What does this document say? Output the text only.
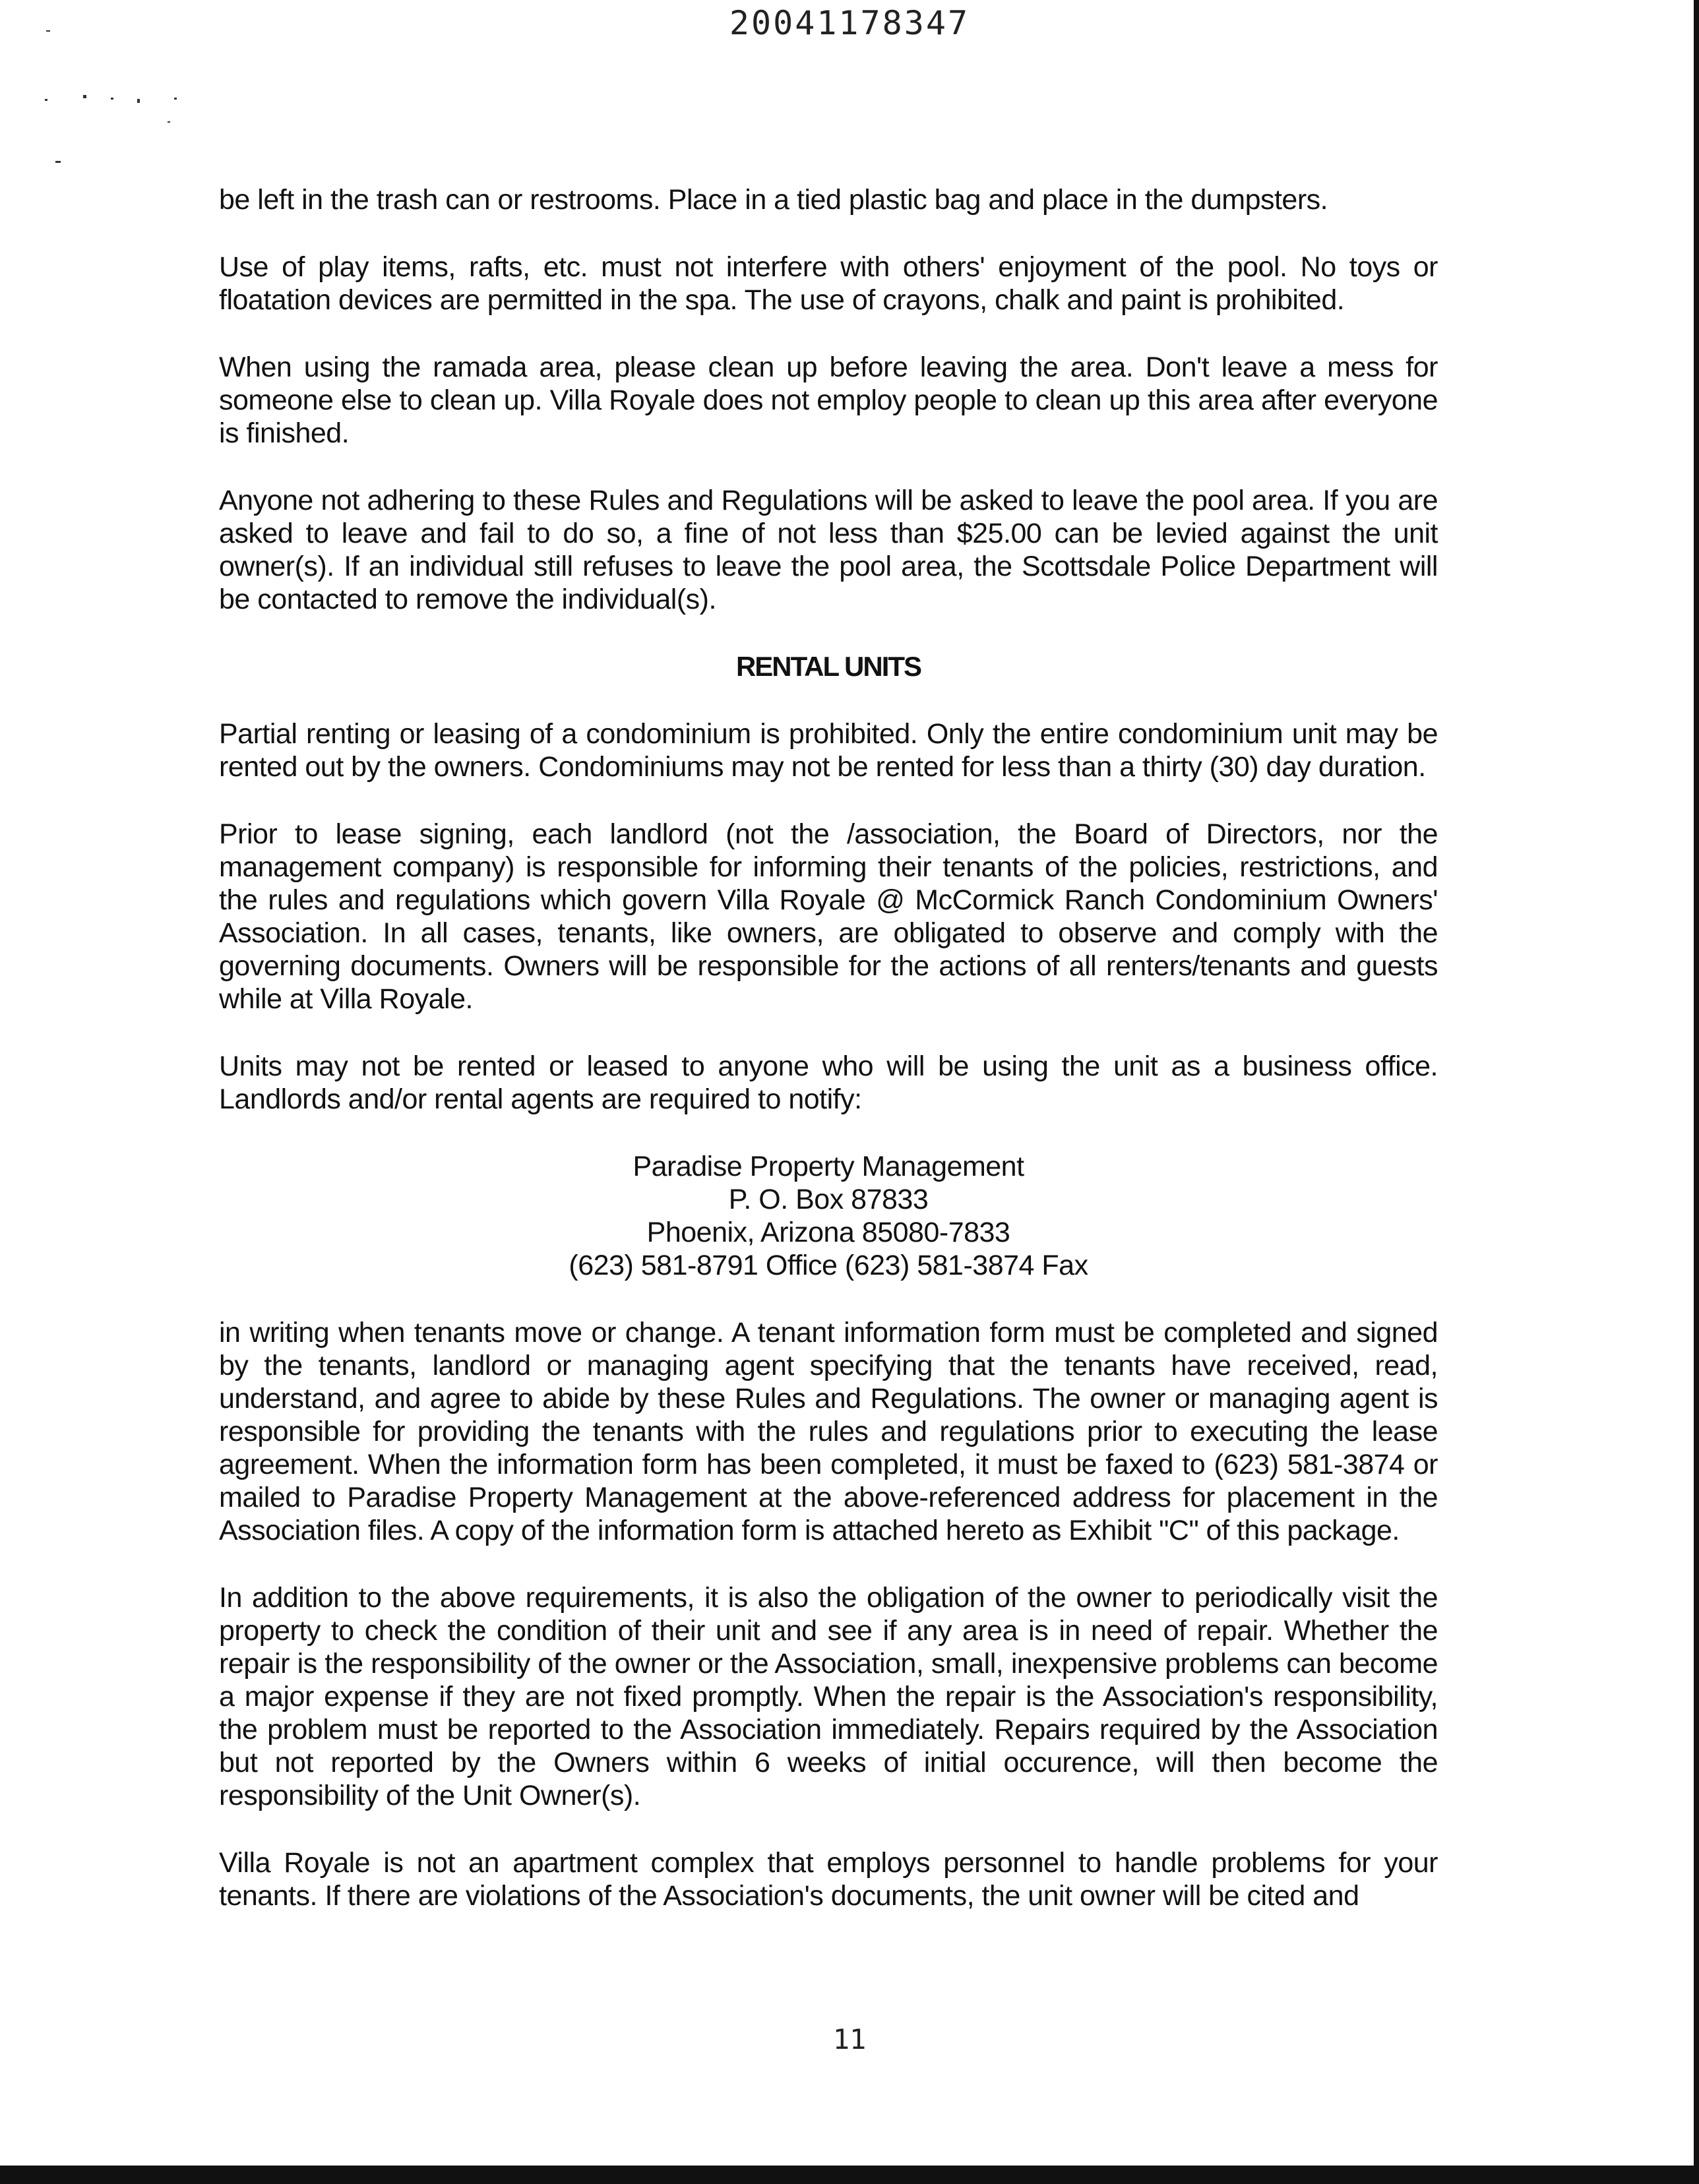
20041178347

be left in the trash can or restrooms. Place in a tied plastic bag and place in the dumpsters.

Use of play items, rafts, etc. must not interfere with others' enjoyment of the pool. No toys or floatation devices are permitted in the spa. The use of crayons, chalk and paint is prohibited.

When using the ramada area, please clean up before leaving the area. Don't leave a mess for someone else to clean up. Villa Royale does not employ people to clean up this area after everyone is finished.

Anyone not adhering to these Rules and Regulations will be asked to leave the pool area. If you are asked to leave and fail to do so, a fine of not less than $25.00 can be levied against the unit owner(s). If an individual still refuses to leave the pool area, the Scottsdale Police Department will be contacted to remove the individual(s).

RENTAL UNITS

Partial renting or leasing of a condominium is prohibited. Only the entire condominium unit may be rented out by the owners. Condominiums may not be rented for less than a thirty (30) day duration.

Prior to lease signing, each landlord (not the /association, the Board of Directors, nor the management company) is responsible for informing their tenants of the policies, restrictions, and the rules and regulations which govern Villa Royale @ McCormick Ranch Condominium Owners' Association. In all cases, tenants, like owners, are obligated to observe and comply with the governing documents. Owners will be responsible for the actions of all renters/tenants and guests while at Villa Royale.

Units may not be rented or leased to anyone who will be using the unit as a business office. Landlords and/or rental agents are required to notify:

Paradise Property Management
P. O. Box 87833
Phoenix, Arizona 85080-7833
(623) 581-8791 Office (623) 581-3874 Fax

in writing when tenants move or change. A tenant information form must be completed and signed by the tenants, landlord or managing agent specifying that the tenants have received, read, understand, and agree to abide by these Rules and Regulations. The owner or managing agent is responsible for providing the tenants with the rules and regulations prior to executing the lease agreement. When the information form has been completed, it must be faxed to (623) 581-3874 or mailed to Paradise Property Management at the above-referenced address for placement in the Association files. A copy of the information form is attached hereto as Exhibit "C" of this package.

In addition to the above requirements, it is also the obligation of the owner to periodically visit the property to check the condition of their unit and see if any area is in need of repair. Whether the repair is the responsibility of the owner or the Association, small, inexpensive problems can become a major expense if they are not fixed promptly. When the repair is the Association's responsibility, the problem must be reported to the Association immediately. Repairs required by the Association but not reported by the Owners within 6 weeks of initial occurence, will then become the responsibility of the Unit Owner(s).

Villa Royale is not an apartment complex that employs personnel to handle problems for your tenants. If there are violations of the Association's documents, the unit owner will be cited and

11
